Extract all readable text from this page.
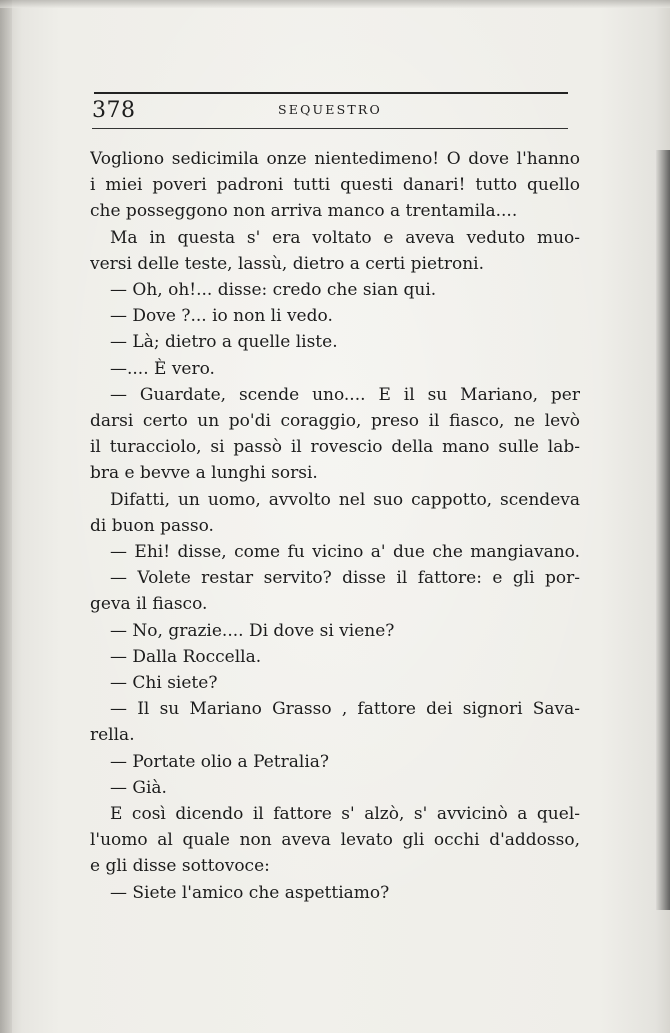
378	SEQUESTRO
Vogliono sedicimila onze nientedimeno! O dove l'hanno
i miei poveri padroni tutti questi danari! tutto quello
che posseggono non arriva manco a trentamila....
Ma in questa s' era voltato e aveva veduto muo-
versi delle teste, lassù, dietro a certi pietroni.
— Oh, oh!... disse: credo che sian qui.
— Dove ?... io non li vedo.
— Là; dietro a quelle liste.
—.... È vero.
— Guardate, scende uno.... E il su Mariano, per
darsi certo un po'di coraggio, preso il fiasco, ne levò
il turacciolo, si passò il rovescio della mano sulle lab-
bra e bevve a lunghi sorsi.
Difatti, un uomo, avvolto nel suo cappotto, scendeva
di buon passo.
— Ehi! disse, come fu vicino a' due che mangiavano.
— Volete restar servito? disse il fattore: e gli por-
geva il fiasco.
— No, grazie.... Di dove si viene?
— Dalla Roccella.
— Chi siete?
— Il su Mariano Grasso , fattore dei signori Sava-
rella.
— Portate olio a Petralia?
— Già.
E così dicendo il fattore s' alzò, s' avvicinò a quel-
l'uomo al quale non aveva levato gli occhi d'addosso,
e gli disse sottovoce:
— Siete l'amico che aspettiamo?
